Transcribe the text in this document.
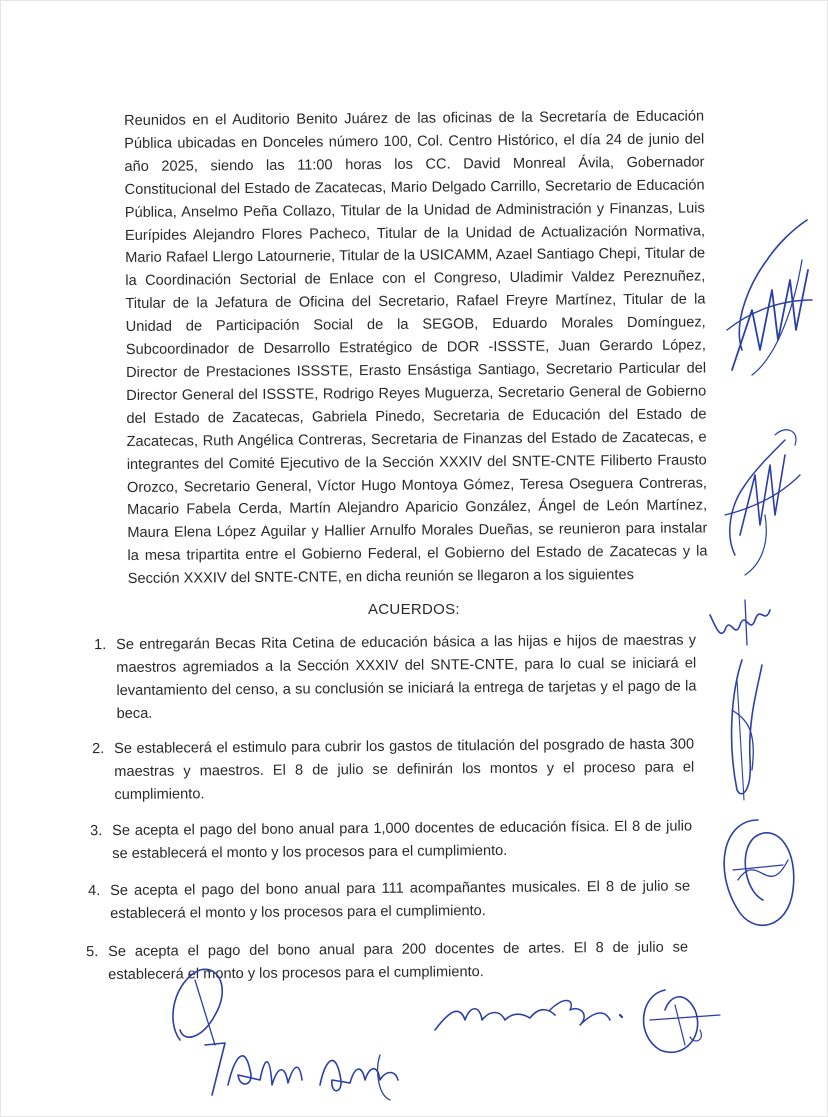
Reunidos en el Auditorio Benito Juárez de las oficinas de la Secretaría de Educación Pública ubicadas en Donceles número 100, Col. Centro Histórico, el día 24 de junio del año 2025, siendo las 11:00 horas los CC. David Monreal Ávila, Gobernador Constitucional del Estado de Zacatecas, Mario Delgado Carrillo, Secretario de Educación Pública, Anselmo Peña Collazo, Titular de la Unidad de Administración y Finanzas, Luis Eurípides Alejandro Flores Pacheco, Titular de la Unidad de Actualización Normativa, Mario Rafael Llergo Latournerie, Titular de la USICAMM, Azael Santiago Chepi, Titular de la Coordinación Sectorial de Enlace con el Congreso, Uladimir Valdez Pereznuñez, Titular de la Jefatura de Oficina del Secretario, Rafael Freyre Martínez, Titular de la Unidad de Participación Social de la SEGOB, Eduardo Morales Domínguez, Subcoordinador de Desarrollo Estratégico de DOR -ISSSTE, Juan Gerardo López, Director de Prestaciones ISSSTE, Erasto Ensástiga Santiago, Secretario Particular del Director General del ISSSTE, Rodrigo Reyes Muguerza, Secretario General de Gobierno del Estado de Zacatecas, Gabriela Pinedo, Secretaria de Educación del Estado de Zacatecas, Ruth Angélica Contreras, Secretaria de Finanzas del Estado de Zacatecas, e integrantes del Comité Ejecutivo de la Sección XXXIV del SNTE-CNTE Filiberto Frausto Orozco, Secretario General, Víctor Hugo Montoya Gómez, Teresa Oseguera Contreras, Macario Fabela Cerda, Martín Alejandro Aparicio González, Ángel de León Martínez, Maura Elena López Aguilar y Hallier Arnulfo Morales Dueñas, se reunieron para instalar la mesa tripartita entre el Gobierno Federal, el Gobierno del Estado de Zacatecas y la Sección XXXIV del SNTE-CNTE, en dicha reunión se llegaron a los siguientes
ACUERDOS:
1. Se entregarán Becas Rita Cetina de educación básica a las hijas e hijos de maestras y maestros agremiados a la Sección XXXIV del SNTE-CNTE, para lo cual se iniciará el levantamiento del censo, a su conclusión se iniciará la entrega de tarjetas y el pago de la beca.
2. Se establecerá el estimulo para cubrir los gastos de titulación del posgrado de hasta 300 maestras y maestros. El 8 de julio se definirán los montos y el proceso para el cumplimiento.
3. Se acepta el pago del bono anual para 1,000 docentes de educación física. El 8 de julio se establecerá el monto y los procesos para el cumplimiento.
4. Se acepta el pago del bono anual para 111 acompañantes musicales. El 8 de julio se establecerá el monto y los procesos para el cumplimiento.
5. Se acepta el pago del bono anual para 200 docentes de artes. El 8 de julio se establecerá el monto y los procesos para el cumplimiento.
